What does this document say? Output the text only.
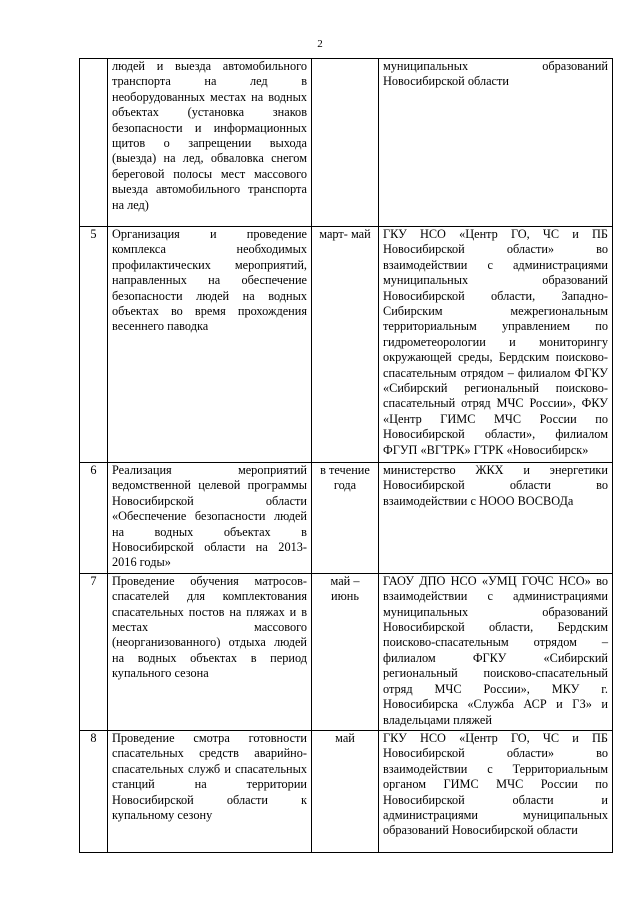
2

	людей и выезда автомобильного транспорта на лед в необорудованных местах на водных объектах (установка знаков безопасности и информационных щитов о запрещении выхода (выезда) на лед, обваловка снегом береговой полосы мест массового выезда автомобильного транспорта на лед)		муниципальных образований Новосибирской области

5	Организация и проведение комплекса необходимых профилактических мероприятий, направленных на обеспечение безопасности людей на водных объектах во время прохождения весеннего паводка	март- май	ГКУ НСО «Центр ГО, ЧС и ПБ Новосибирской области» во взаимодействии с администрациями муниципальных образований Новосибирской области, Западно-Сибирским межрегиональным территориальным управлением по гидрометеорологии и мониторингу окружающей среды, Бердским поисково-спасательным отрядом – филиалом ФГКУ «Сибирский региональный поисково- спасательный отряд МЧС России», ФКУ «Центр ГИМС МЧС России по Новосибирской области», филиалом ФГУП «ВГТРК» ГТРК «Новосибирск»

6	Реализация мероприятий ведомственной целевой программы Новосибирской области «Обеспечение безопасности людей на водных объектах в Новосибирской области на 2013-2016 годы»	в течение года	министерство ЖКХ и энергетики Новосибирской области во взаимодействии с НООО ВОСВОДа

7	Проведение обучения матросов-спасателей для комплектования спасательных постов на пляжах и в местах массового (неорганизованного) отдыха людей на водных объектах в период купального сезона	май – июнь	ГАОУ ДПО НСО «УМЦ ГОЧС НСО» во взаимодействии с администрациями муниципальных образований Новосибирской области, Бердским поисково-спасательным отрядом – филиалом ФГКУ «Сибирский региональный поисково-спасательный отряд МЧС России», МКУ г. Новосибирска «Служба АСР и ГЗ» и владельцами пляжей

8	Проведение смотра готовности спасательных средств аварийно-спасательных служб и спасательных станций на территории Новосибирской области к купальному сезону	май	ГКУ НСО «Центр ГО, ЧС и ПБ Новосибирской области» во взаимодействии с Территориальным органом ГИМС МЧС России по Новосибирской области и администрациями муниципальных образований Новосибирской области
